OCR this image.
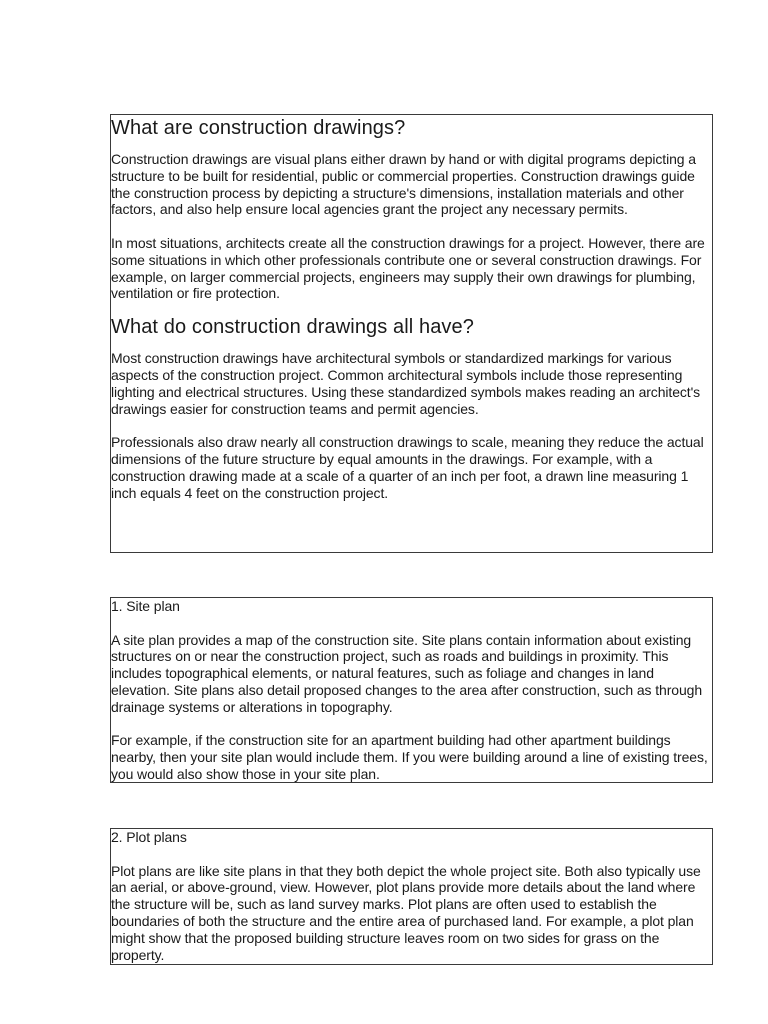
What are construction drawings?

Construction drawings are visual plans either drawn by hand or with digital programs depicting a structure to be built for residential, public or commercial properties. Construction drawings guide the construction process by depicting a structure's dimensions, installation materials and other factors, and also help ensure local agencies grant the project any necessary permits.

In most situations, architects create all the construction drawings for a project. However, there are some situations in which other professionals contribute one or several construction drawings. For example, on larger commercial projects, engineers may supply their own drawings for plumbing, ventilation or fire protection.

What do construction drawings all have?

Most construction drawings have architectural symbols or standardized markings for various aspects of the construction project. Common architectural symbols include those representing lighting and electrical structures. Using these standardized symbols makes reading an architect's drawings easier for construction teams and permit agencies.

Professionals also draw nearly all construction drawings to scale, meaning they reduce the actual dimensions of the future structure by equal amounts in the drawings. For example, with a construction drawing made at a scale of a quarter of an inch per foot, a drawn line measuring 1 inch equals 4 feet on the construction project.

1. Site plan

A site plan provides a map of the construction site. Site plans contain information about existing structures on or near the construction project, such as roads and buildings in proximity. This includes topographical elements, or natural features, such as foliage and changes in land elevation. Site plans also detail proposed changes to the area after construction, such as through drainage systems or alterations in topography.

For example, if the construction site for an apartment building had other apartment buildings nearby, then your site plan would include them. If you were building around a line of existing trees, you would also show those in your site plan.

2. Plot plans

Plot plans are like site plans in that they both depict the whole project site. Both also typically use an aerial, or above-ground, view. However, plot plans provide more details about the land where the structure will be, such as land survey marks. Plot plans are often used to establish the boundaries of both the structure and the entire area of purchased land. For example, a plot plan might show that the proposed building structure leaves room on two sides for grass on the property.
